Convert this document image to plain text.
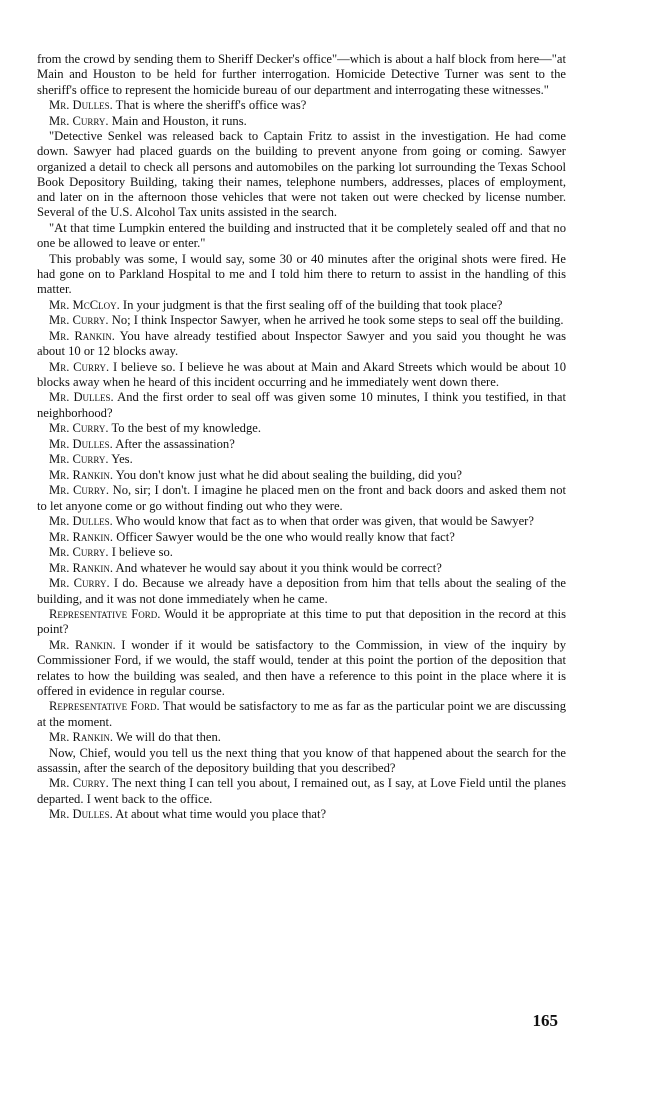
from the crowd by sending them to Sheriff Decker's office"—which is about a half block from here—"at Main and Houston to be held for further interrogation. Homicide Detective Turner was sent to the sheriff's office to represent the homicide bureau of our department and interrogating these witnesses."

Mr. Dulles. That is where the sheriff's office was?

Mr. Curry. Main and Houston, it runs.

"Detective Senkel was released back to Captain Fritz to assist in the investigation. He had come down. Sawyer had placed guards on the building to prevent anyone from going or coming. Sawyer organized a detail to check all persons and automobiles on the parking lot surrounding the Texas School Book Depository Building, taking their names, telephone numbers, addresses, places of employment, and later on in the afternoon those vehicles that were not taken out were checked by license number. Several of the U.S. Alcohol Tax units assisted in the search.

"At that time Lumpkin entered the building and instructed that it be completely sealed off and that no one be allowed to leave or enter."

This probably was some, I would say, some 30 or 40 minutes after the original shots were fired. He had gone on to Parkland Hospital to me and I told him there to return to assist in the handling of this matter.

Mr. McCloy. In your judgment is that the first sealing off of the building that took place?

Mr. Curry. No; I think Inspector Sawyer, when he arrived he took some steps to seal off the building.

Mr. Rankin. You have already testified about Inspector Sawyer and you said you thought he was about 10 or 12 blocks away.

Mr. Curry. I believe so. I believe he was about at Main and Akard Streets which would be about 10 blocks away when he heard of this incident occurring and he immediately went down there.

Mr. Dulles. And the first order to seal off was given some 10 minutes, I think you testified, in that neighborhood?

Mr. Curry. To the best of my knowledge.

Mr. Dulles. After the assassination?

Mr. Curry. Yes.

Mr. Rankin. You don't know just what he did about sealing the building, did you?

Mr. Curry. No, sir; I don't. I imagine he placed men on the front and back doors and asked them not to let anyone come or go without finding out who they were.

Mr. Dulles. Who would know that fact as to when that order was given, that would be Sawyer?

Mr. Rankin. Officer Sawyer would be the one who would really know that fact?

Mr. Curry. I believe so.

Mr. Rankin. And whatever he would say about it you think would be correct?

Mr. Curry. I do. Because we already have a deposition from him that tells about the sealing of the building, and it was not done immediately when he came.

Representative Ford. Would it be appropriate at this time to put that deposition in the record at this point?

Mr. Rankin. I wonder if it would be satisfactory to the Commission, in view of the inquiry by Commissioner Ford, if we would, the staff would, tender at this point the portion of the deposition that relates to how the building was sealed, and then have a reference to this point in the place where it is offered in evidence in regular course.

Representative Ford. That would be satisfactory to me as far as the particular point we are discussing at the moment.

Mr. Rankin. We will do that then.

Now, Chief, would you tell us the next thing that you know of that happened about the search for the assassin, after the search of the depository building that you described?

Mr. Curry. The next thing I can tell you about, I remained out, as I say, at Love Field until the planes departed. I went back to the office.

Mr. Dulles. At about what time would you place that?

165
